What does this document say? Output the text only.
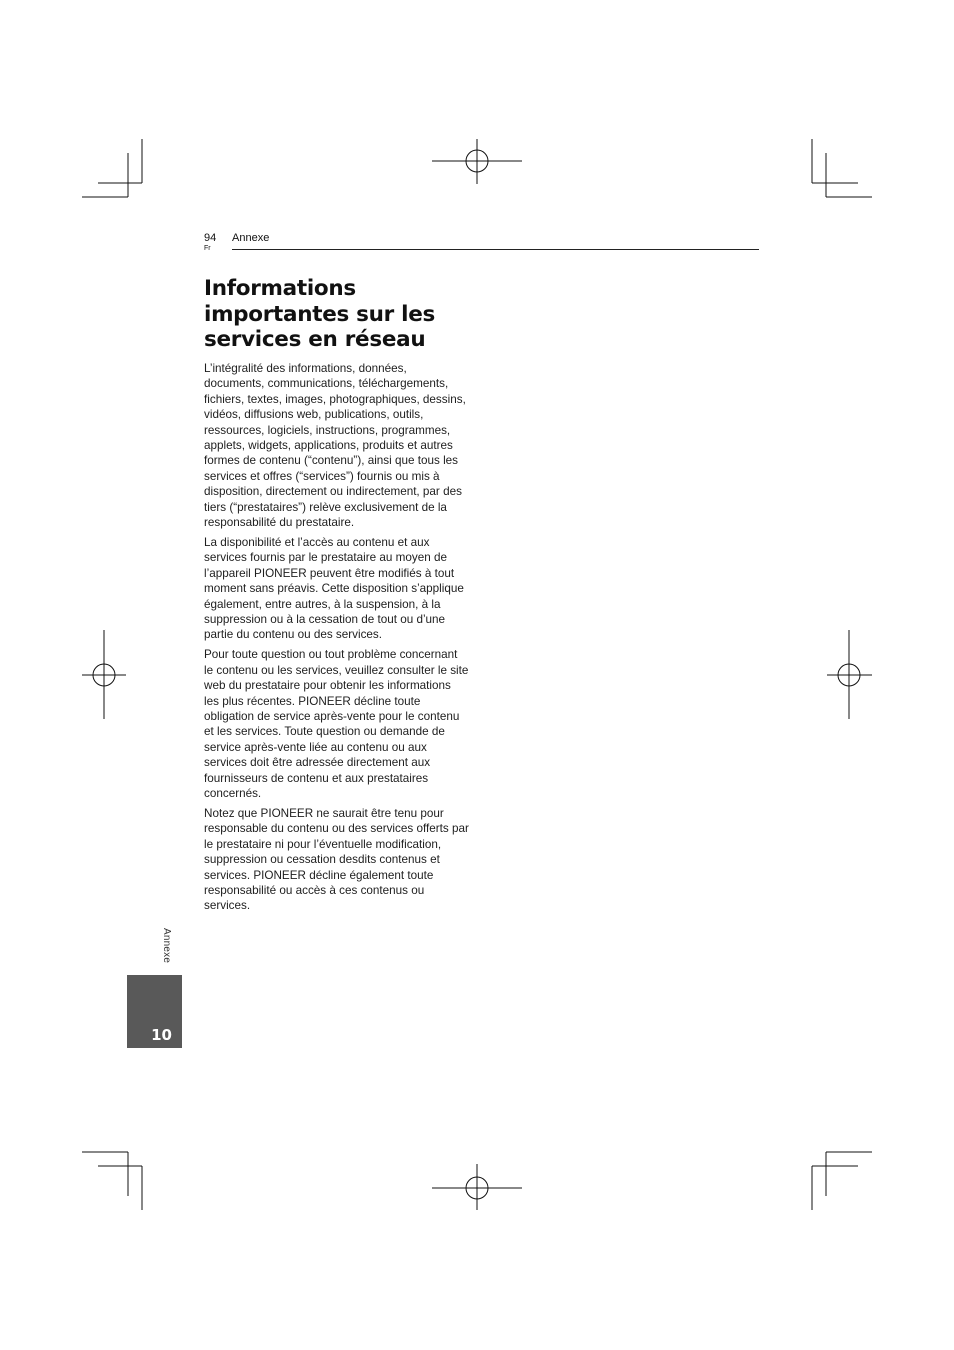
94
Fr
Annexe
Informations importantes sur les services en réseau

L’intégralité des informations, données, documents, communications, téléchargements, fichiers, textes, images, photographiques, dessins, vidéos, diffusions web, publications, outils, ressources, logiciels, instructions, programmes, applets, widgets, applications, produits et autres formes de contenu (“contenu”), ainsi que tous les services et offres (“services”) fournis ou mis à disposition, directement ou indirectement, par des tiers (“prestataires”) relève exclusivement de la responsabilité du prestataire.

La disponibilité et l’accès au contenu et aux services fournis par le prestataire au moyen de l’appareil PIONEER peuvent être modifiés à tout moment sans préavis. Cette disposition s’applique également, entre autres, à la suspension, à la suppression ou à la cessation de tout ou d’une partie du contenu ou des services.

Pour toute question ou tout problème concernant le contenu ou les services, veuillez consulter le site web du prestataire pour obtenir les informations les plus récentes. PIONEER décline toute obligation de service après-vente pour le contenu et les services. Toute question ou demande de service après-vente liée au contenu ou aux services doit être adressée directement aux fournisseurs de contenu et aux prestataires concernés.

Notez que PIONEER ne saurait être tenu pour responsable du contenu ou des services offerts par le prestataire ni pour l’éventuelle modification, suppression ou cessation desdits contenus et services. PIONEER décline également toute responsabilité ou accès à ces contenus ou services.

Annexe
10
